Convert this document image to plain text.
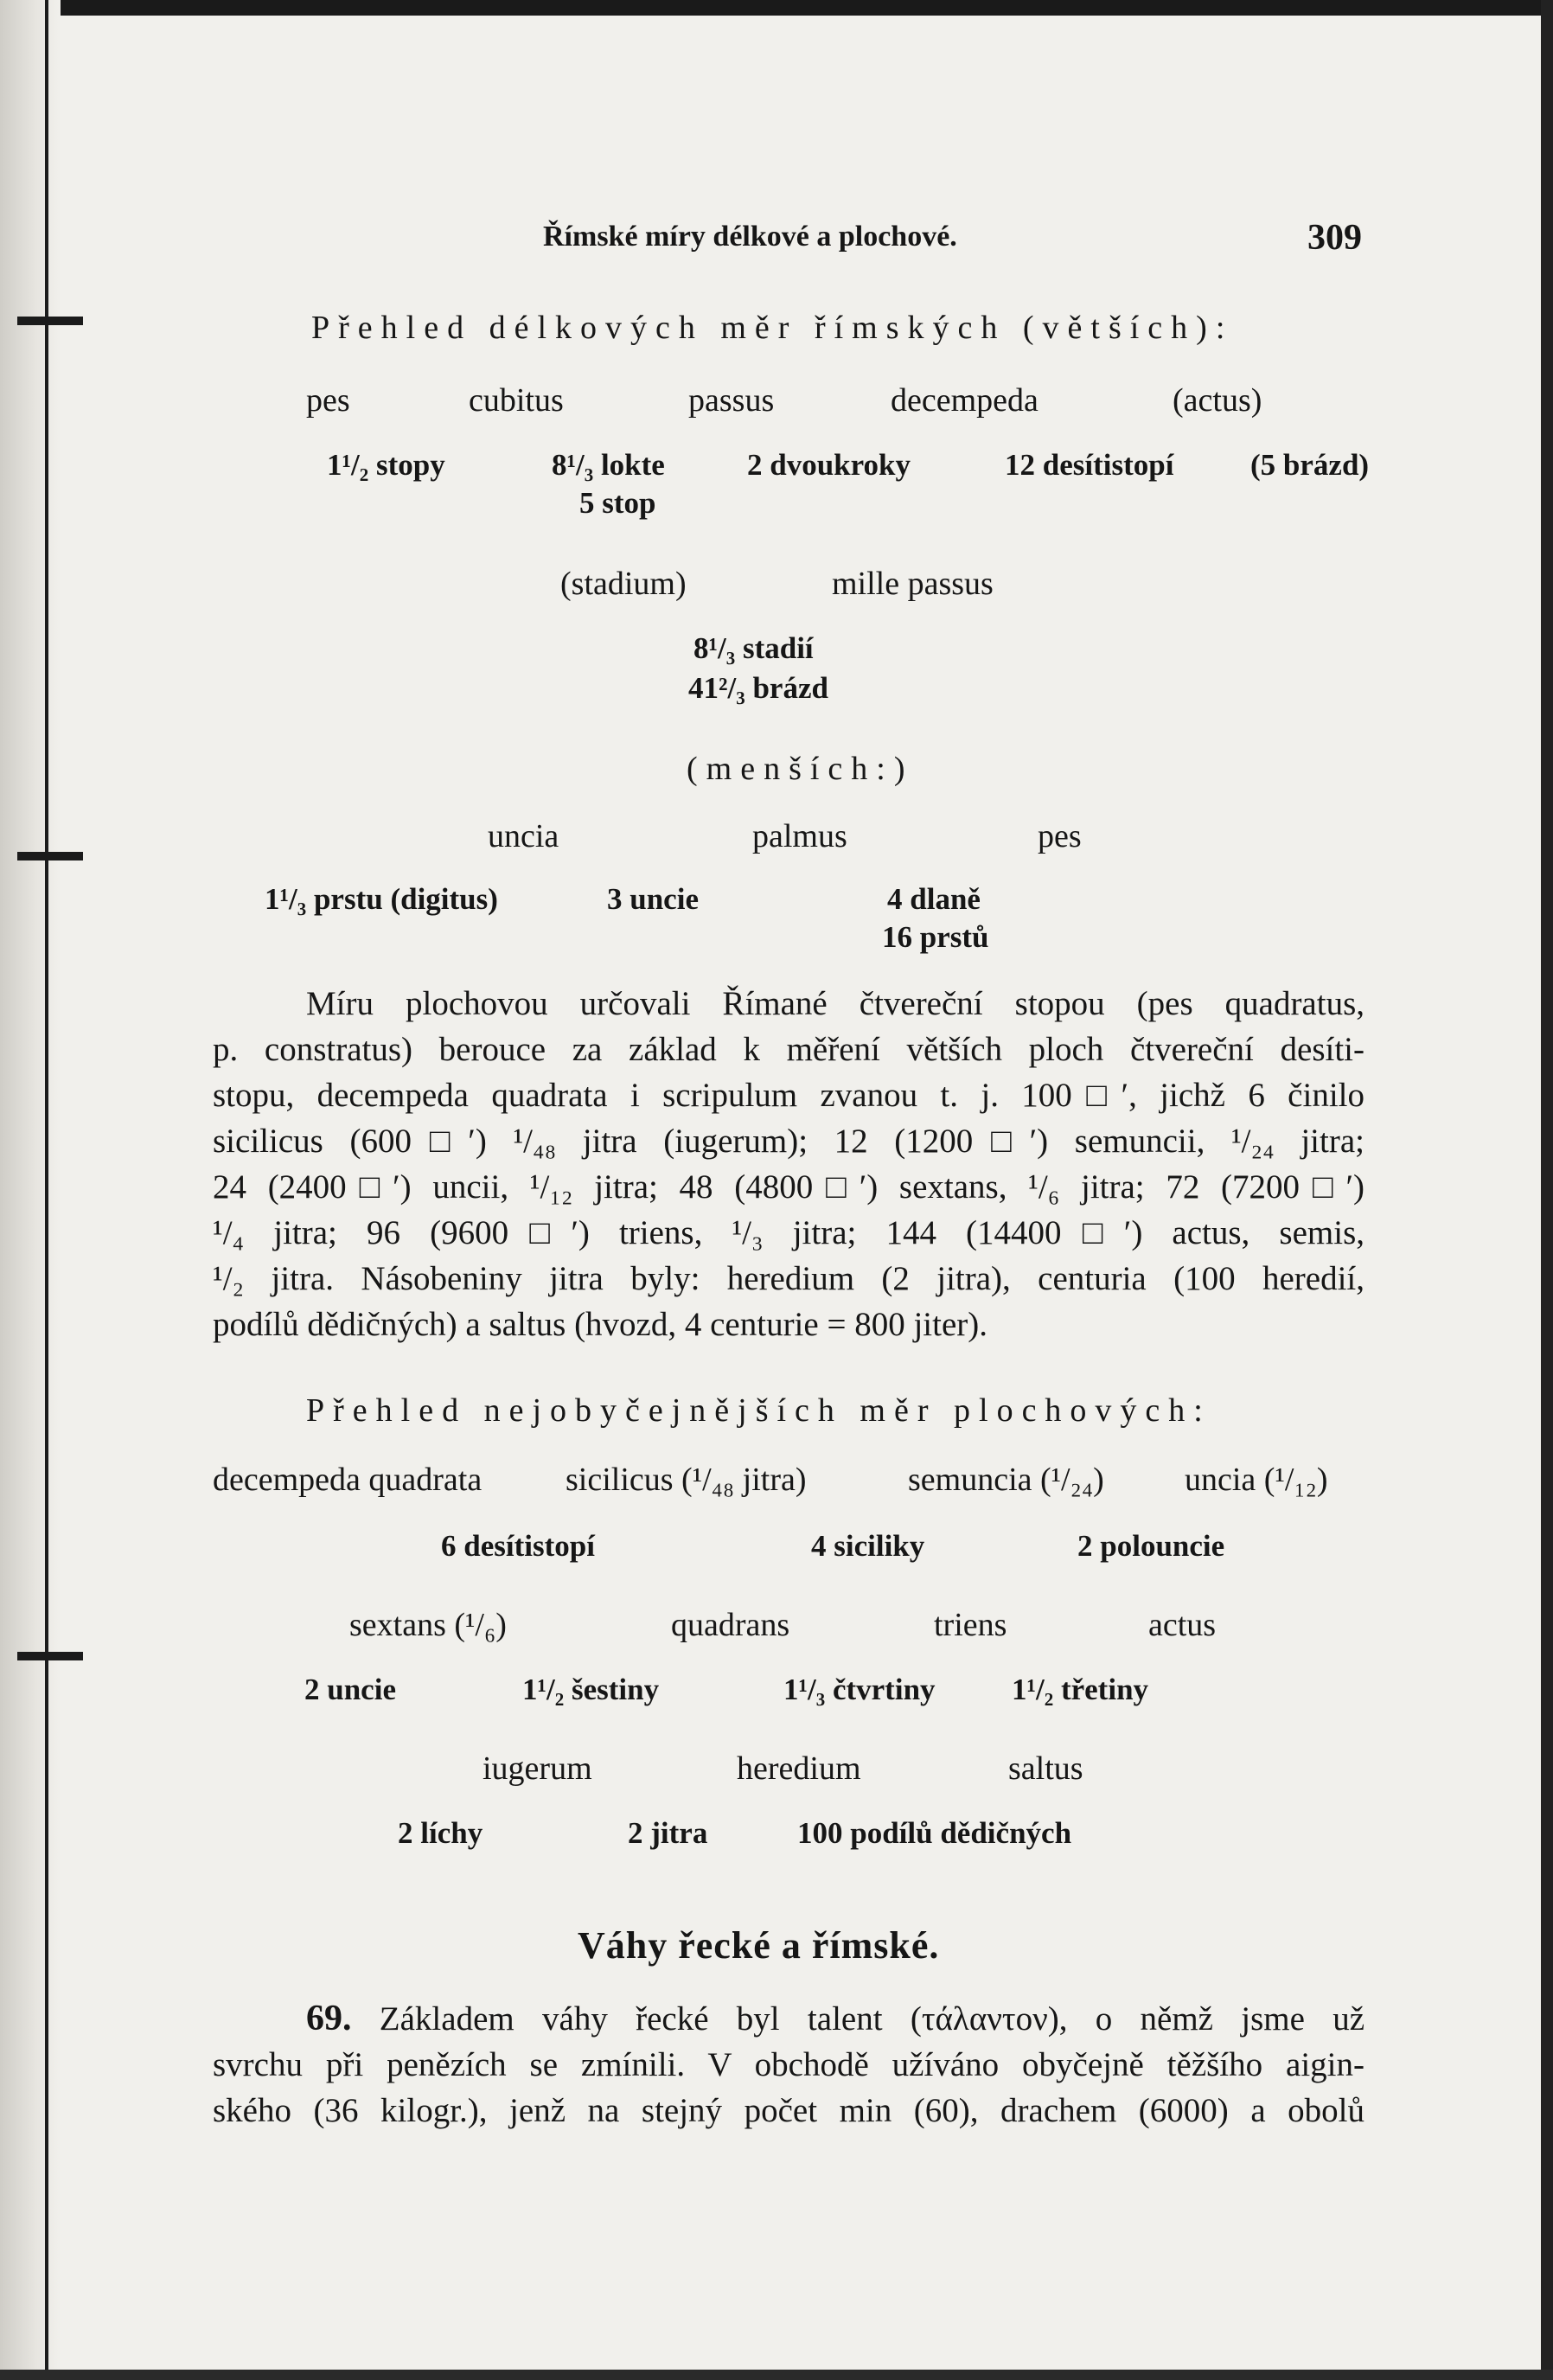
Římské míry délkové a plochové.	309
Přehled délkových měr římských (větších):
pes	cubitus	passus	decempeda	(actus)
1¹/₂ stopy	8¹/₃ lokte	2 dvoukroky	12 desítistopí	(5 brázd)
5 stop
(stadium)	mille passus
8¹/₃ stadií
41²/₃ brázd
(menších:)
uncia	palmus	pes
1¹/₃ prstu (digitus)	3 uncie	4 dlaně
16 prstů
Míru plochovou určovali Římané čtvereční stopou (pes quadratus,
p. constratus) berouce za základ k měření větších ploch čtvereční desíti-
stopu, decempeda quadrata i scripulum zvanou t. j. 100□′, jichž 6 činilo
sicilicus (600□′) ¹/₄₈ jitra (iugerum); 12 (1200□′) semuncii, ¹/₂₄ jitra;
24 (2400□′) uncii, ¹/₁₂ jitra; 48 (4800□′) sextans, ¹/₆ jitra; 72 (7200□′)
¹/₄ jitra; 96 (9600□′) triens, ¹/₃ jitra; 144 (14400□′) actus, semis,
¹/₂ jitra. Násobeniny jitra byly: heredium (2 jitra), centuria (100 heredií,
podílů dědičných) a saltus (hvozd, 4 centurie = 800 jiter).
Přehled nejobyčejnějších měr plochových:
decempeda quadrata	sicilicus (¹/₄₈ jitra)	semuncia (¹/₂₄) uncia (¹/₁₂)
6 desítistopí	4 siciliky	2 polouncie
sextans (¹/₆)	quadrans	triens	actus
2 uncie	1¹/₂ šestiny	1¹/₃ čtvrtiny	1¹/₂ třetiny
iugerum	heredium	saltus
2 líchy	2 jitra	100 podílů dědičných
Váhy řecké a římské.
69. Základem váhy řecké byl talent (τάλαντον), o němž jsme už
svrchu při penězích se zmínili. V obchodě užíváno obyčejně těžšího aigin-
ského (36 kilogr.), jenž na stejný počet min (60), drachem (6000) a obolů
